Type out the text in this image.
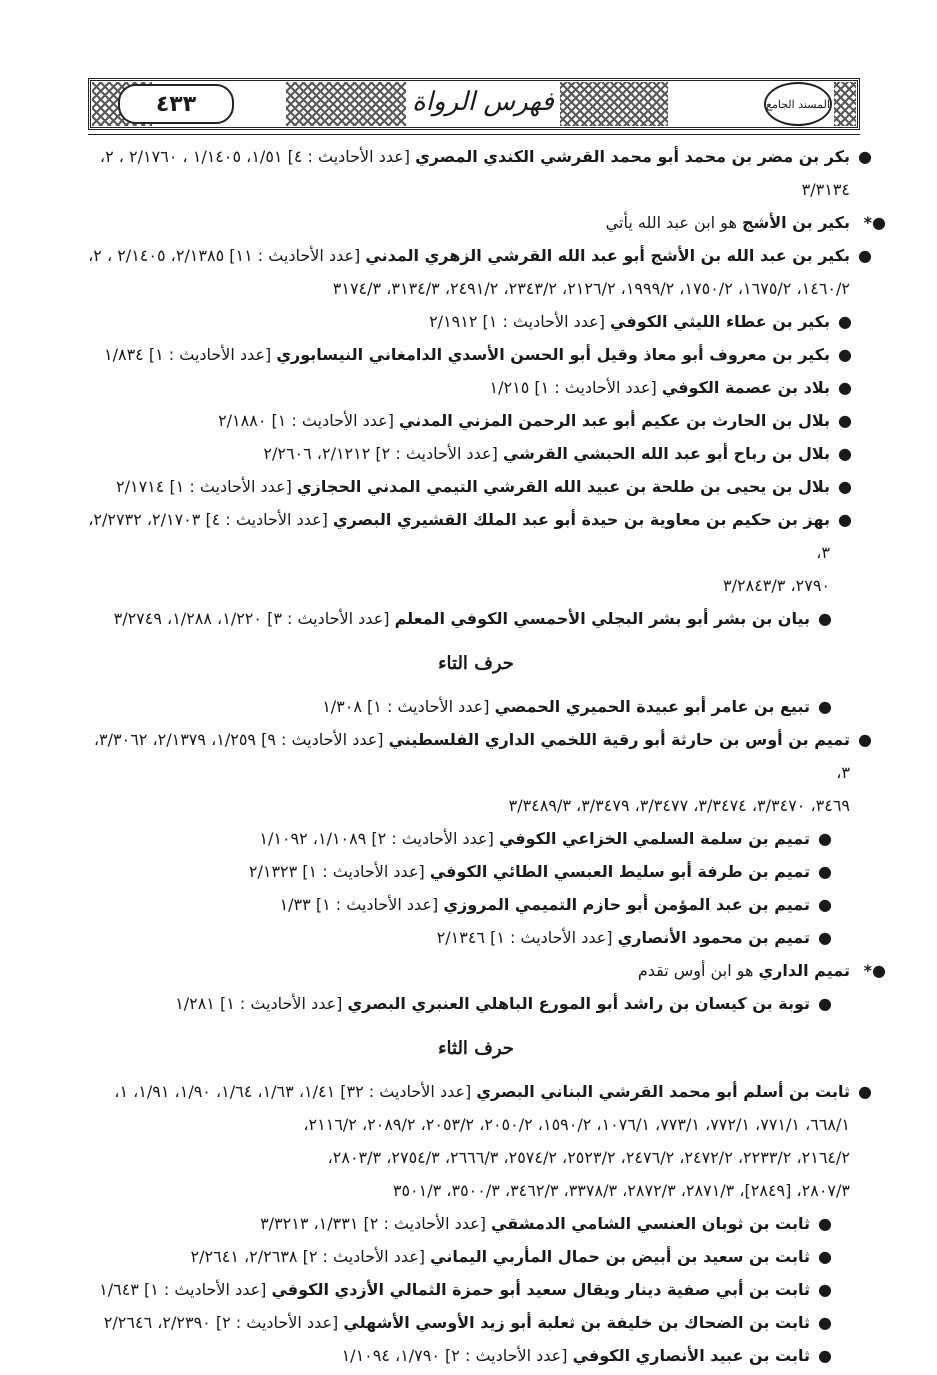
٤٣٣	فهرس الرواة	المسند الجامع
●
بكر بن مضر بن محمد أبو محمد القرشي الكندي المصري [عدد الأحاديث : ٤] ١/٥١، ١/١٤٠٥ ، ٢/١٧٦٠ ، ٢،
٣/٣١٣٤
●*
بكير بن الأشج هو ابن عبد الله يأتي
●
بكير بن عبد الله بن الأشج أبو عبد الله القرشي الزهري المدني [عدد الأحاديث : ١١] ٢/١٣٨٥، ٢/١٤٠٥ ، ٢،
١٤٦٠/٢، ١٦٧٥/٢، ١٧٥٠/٢، ١٩٩٩/٢، ٢١٢٦/٢، ٢٣٤٣/٢، ٢٤٩١/٢، ٣١٣٤/٣، ٣١٧٤/٣
●
بكير بن عطاء الليثي الكوفي [عدد الأحاديث : ١] ٢/١٩١٢
●
بكير بن معروف أبو معاذ وقيل أبو الحسن الأسدي الدامغاني النيسابوري [عدد الأحاديث : ١] ١/٨٣٤
●
بلاد بن عصمة الكوفي [عدد الأحاديث : ١] ١/٢١٥
●
بلال بن الحارث بن عكيم أبو عبد الرحمن المزني المدني [عدد الأحاديث : ١] ٢/١٨٨٠
●
بلال بن رباح أبو عبد الله الحبشي القرشي [عدد الأحاديث : ٢] ٢/١٢١٢، ٢/٢٦٠٦
●
بلال بن يحيى بن طلحة بن عبيد الله القرشي التيمي المدني الحجازي [عدد الأحاديث : ١] ٢/١٧١٤
●
بهز بن حكيم بن معاوية بن حيدة أبو عبد الملك القشيري البصري [عدد الأحاديث : ٤] ٢/١٧٠٣، ٢/٢٧٣٢، ٣،
٢٧٩٠، ٣/٢٨٤٣/٣
●
بيان بن بشر أبو بشر البجلي الأحمسي الكوفي المعلم [عدد الأحاديث : ٣] ١/٢٢٠، ١/٢٨٨، ٣/٢٧٤٩
حرف التاء
●
تبيع بن عامر أبو عبيدة الحميري الحمصي [عدد الأحاديث : ١] ١/٣٠٨
●
تميم بن أوس بن حارثة أبو رقية اللخمي الداري الفلسطيني [عدد الأحاديث : ٩] ١/٢٥٩، ٢/١٣٧٩، ٣/٣٠٦٢، ٣،
٣٤٦٩، ٣/٣٤٧٠، ٣/٣٤٧٤، ٣/٣٤٧٧، ٣/٣٤٧٩، ٣/٣٤٨٩/٣
●
تميم بن سلمة السلمي الخزاعي الكوفي [عدد الأحاديث : ٢] ١/١٠٨٩، ١/١٠٩٢
●
تميم بن طرفة أبو سليط العبسي الطائي الكوفي [عدد الأحاديث : ١] ٢/١٣٢٣
●
تميم بن عبد المؤمن أبو حازم التميمي المروزي [عدد الأحاديث : ١] ١/٣٣
●
تميم بن محمود الأنصاري [عدد الأحاديث : ١] ٢/١٣٤٦
●*
تميم الداري هو ابن أوس تقدم
●
توبة بن كيسان بن راشد أبو المورع الباهلي العنبري البصري [عدد الأحاديث : ١] ١/٢٨١
حرف الثاء
●
ثابت بن أسلم أبو محمد القرشي البناني البصري [عدد الأحاديث : ٣٢] ١/٤١، ١/٦٣، ١/٦٤، ١/٩٠، ١/٩١، ١،
٦٦٨/١، ٧٧١/١، ٧٧٢/١، ٧٧٣/١، ١٠٧٦/١، ١٥٩٠/٢، ٢٠٥٠/٢، ٢٠٥٣/٢، ٢٠٨٩/٢، ٢١١٦/٢،
٢١٦٤/٢، ٢٢٣٣/٢، ٢٤٧٢/٢، ٢٤٧٦/٢، ٢٥٢٣/٢، ٢٥٧٤/٢، ٢٦٦٦/٣، ٢٧٥٤/٣، ٢٨٠٣/٣،
٢٨٠٧/٣، [٢٨٤٩]، ٢٨٧١/٣، ٢٨٧٢/٣، ٣٣٧٨/٣، ٣٤٦٢/٣، ٣٥٠٠/٣، ٣٥٠١/٣
●
ثابت بن ثوبان العنسي الشامي الدمشقي [عدد الأحاديث : ٢] ١/٣٣١، ٣/٣٢١٣
●
ثابت بن سعيد بن أبيض بن حمال المأربي اليماني [عدد الأحاديث : ٢] ٢/٢٦٣٨، ٢/٢٦٤١
●
ثابت بن أبي صفية دينار ويقال سعيد أبو حمزة الثمالي الأزدي الكوفي [عدد الأحاديث : ١] ١/٦٤٣
●
ثابت بن الضحاك بن خليفة بن ثعلبة أبو زيد الأوسي الأشهلي [عدد الأحاديث : ٢] ٢/٢٣٩٠، ٢/٢٦٤٦
●
ثابت بن عبيد الأنصاري الكوفي [عدد الأحاديث : ٢] ١/٧٩٠، ١/١٠٩٤
